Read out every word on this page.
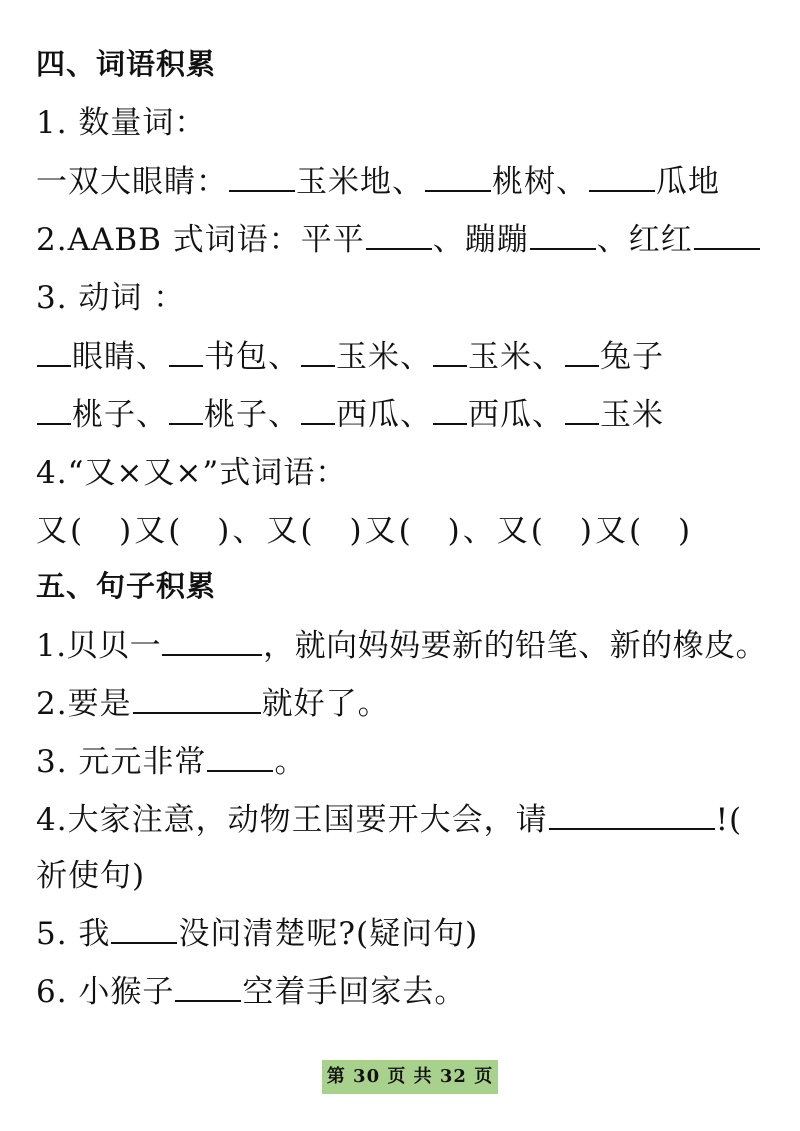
四、词语积累
1. 数量词：
一双大眼睛： 玉米地、 桃树、 瓜地
2.AABB 式词语：平平 、蹦蹦 、红红
3. 动词 ：
眼睛、 书包、 玉米、 玉米、 兔子
桃子、 桃子、 西瓜、 西瓜、 玉米
4.“又×又×”式词语：
又(　)又(　)、又(　)又(　)、又(　)又(　)
五、句子积累
1.贝贝一	，就向妈妈要新的铅笔、新的橡皮。
2.要是	就好了。
3. 元元非常 。
4.大家注意，动物王国要开大会，请	!(
祈使句)
5. 我 没问清楚呢?(疑问句)
6. 小猴子 空着手回家去。
第 30 页 共 32 页
